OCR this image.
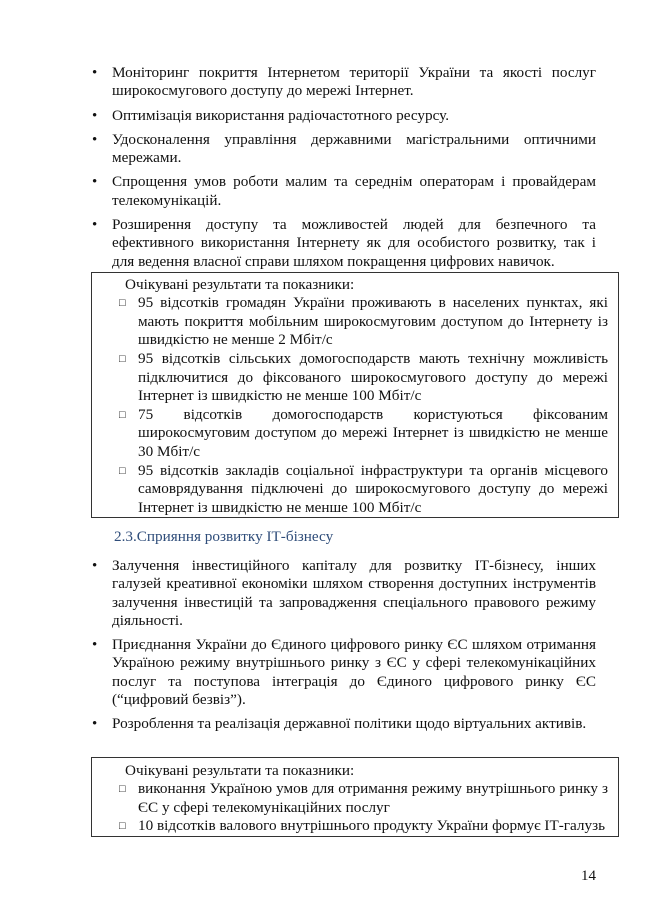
• Моніторинг покриття Інтернетом території України та якості послуг широкосмугового доступу до мережі Інтернет.
• Оптимізація використання радіочастотного ресурсу.
• Удосконалення управління державними магістральними оптичними мережами.
• Спрощення умов роботи малим та середнім операторам і провайдерам телекомунікацій.
• Розширення доступу та можливостей людей для безпечного та ефективного використання Інтернету як для особистого розвитку, так і для ведення власної справи шляхом покращення цифрових навичок.

Очікувані результати та показники:

□ 95 відсотків громадян України проживають в населених пунктах, які мають покриття мобільним широкосмуговим доступом до Інтернету із швидкістю не менше 2 Мбіт/с
□ 95 відсотків сільських домогосподарств мають технічну можливість підключитися до фіксованого широкосмугового доступу до мережі Інтернет із швидкістю не менше 100 Мбіт/с
□ 75 відсотків домогосподарств користуються фіксованим широкосмуговим доступом до мережі Інтернет із швидкістю не менше 30 Мбіт/с
□ 95 відсотків закладів соціальної інфраструктури та органів місцевого самоврядування підключені до широкосмугового доступу до мережі Інтернет із швидкістю не менше 100 Мбіт/с

2.3.Сприяння розвитку ІТ-бізнесу

• Залучення інвестиційного капіталу для розвитку ІТ-бізнесу, інших галузей креативної економіки шляхом створення доступних інструментів залучення інвестицій та запровадження спеціального правового режиму діяльності.
• Приєднання України до Єдиного цифрового ринку ЄС шляхом отримання Україною режиму внутрішнього ринку з ЄС у сфері телекомунікаційних послуг та поступова інтеграція до Єдиного цифрового ринку ЄС (“цифровий безвіз”).
• Розроблення та реалізація державної політики щодо віртуальних активів.

Очікувані результати та показники:

□ виконання Україною умов для отримання режиму внутрішнього ринку з ЄС у сфері телекомунікаційних послуг
□ 10 відсотків валового внутрішнього продукту України формує ІТ-галузь
14
